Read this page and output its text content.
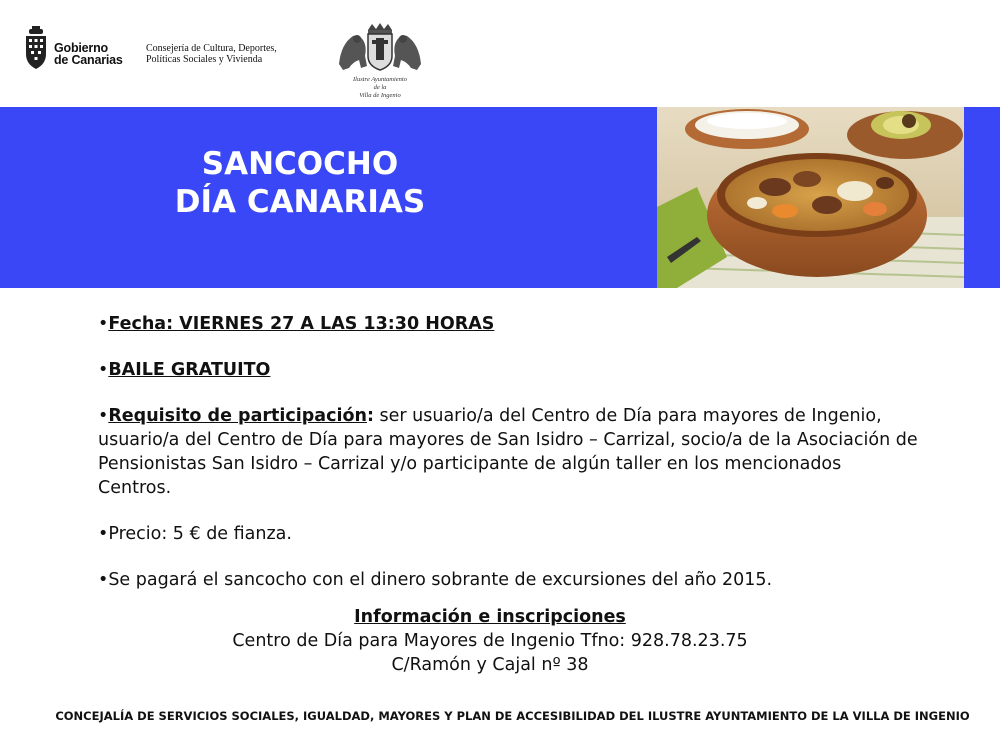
Gobierno
de Canarias
Consejería de Cultura, Deportes,
Políticas Sociales y Vivienda
Ilustre Ayuntamiento
de la
Villa de Ingenio
SANCOCHO
DÍA CANARIAS

•Fecha: VIERNES 27 A LAS 13:30 HORAS

•BAILE GRATUITO

•Requisito de participación: ser usuario/a del Centro de Día para mayores de Ingenio, usuario/a del Centro de Día para mayores de San Isidro – Carrizal, socio/a de la Asociación de Pensionistas San Isidro – Carrizal y/o participante de algún taller en los mencionados Centros.

•Precio: 5 € de fianza.

•Se pagará el sancocho con el dinero sobrante de excursiones del año 2015.

Información e inscripciones
Centro de Día para Mayores de Ingenio Tfno: 928.78.23.75
C/Ramón y Cajal nº 38
CONCEJALÍA DE SERVICIOS SOCIALES, IGUALDAD, MAYORES Y PLAN DE ACCESIBILIDAD DEL ILUSTRE AYUNTAMIENTO DE LA VILLA DE INGENIO
